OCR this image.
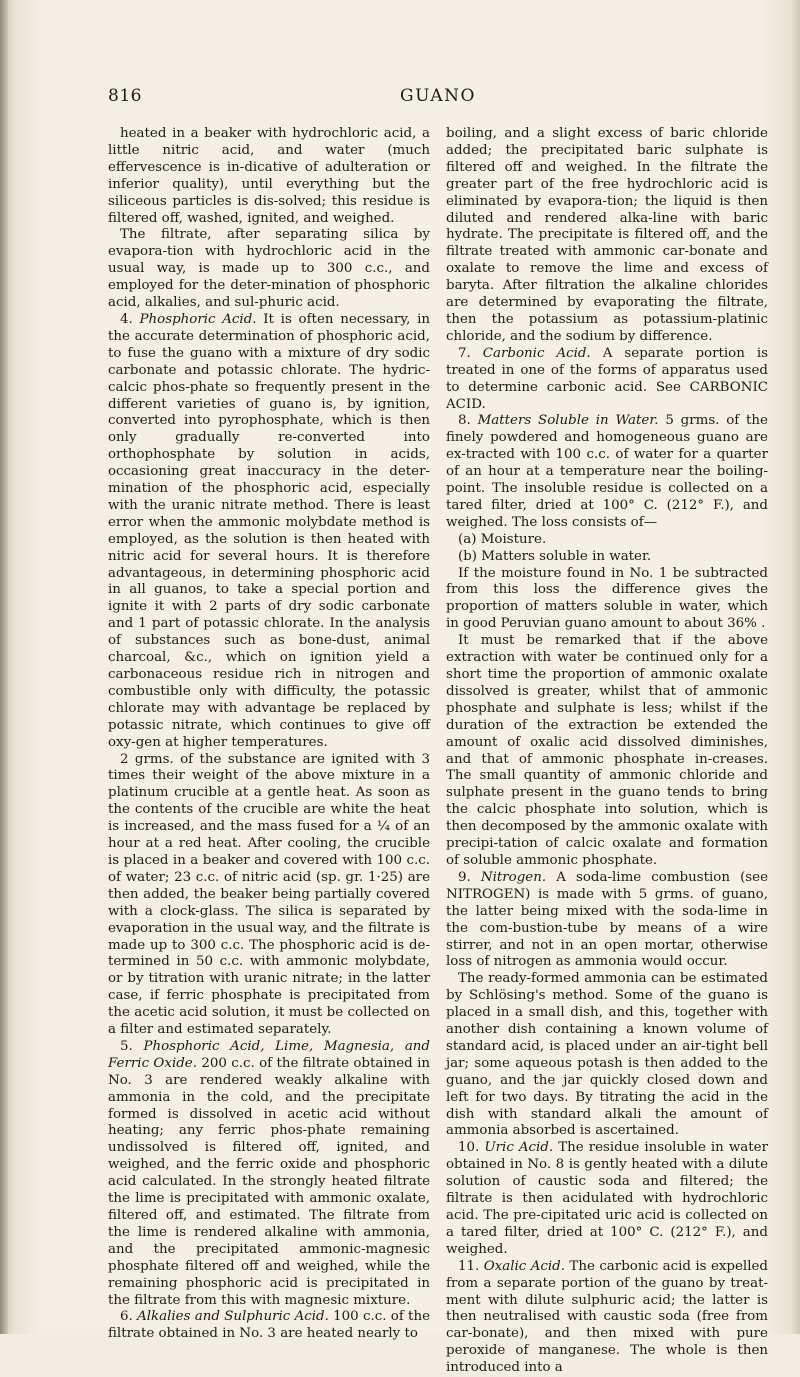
816	GUANO

heated in a beaker with hydrochloric acid, a little nitric acid, and water (much effervescence is in-dicative of adulteration or inferior quality), until everything but the siliceous particles is dis-solved; this residue is filtered off, washed, ignited, and weighed.

The filtrate, after separating silica by evapora-tion with hydrochloric acid in the usual way, is made up to 300 c.c., and employed for the deter-mination of phosphoric acid, alkalies, and sul-phuric acid.

4. Phosphoric Acid. It is often necessary, in the accurate determination of phosphoric acid, to fuse the guano with a mixture of dry sodic carbonate and potassic chlorate. The hydric-calcic phos-phate so frequently present in the different varieties of guano is, by ignition, converted into pyrophosphate, which is then only gradually re-converted into orthophosphate by solution in acids, occasioning great inaccuracy in the deter-mination of the phosphoric acid, especially with the uranic nitrate method. There is least error when the ammonic molybdate method is employed, as the solution is then heated with nitric acid for several hours. It is therefore advantageous, in determining phosphoric acid in all guanos, to take a special portion and ignite it with 2 parts of dry sodic carbonate and 1 part of potassic chlorate. In the analysis of substances such as bone-dust, animal charcoal, &c., which on ignition yield a carbonaceous residue rich in nitrogen and combustible only with difficulty, the potassic chlorate may with advantage be replaced by potassic nitrate, which continues to give off oxy-gen at higher temperatures.

2 grms. of the substance are ignited with 3 times their weight of the above mixture in a platinum crucible at a gentle heat. As soon as the contents of the crucible are white the heat is increased, and the mass fused for a ¼ of an hour at a red heat. After cooling, the crucible is placed in a beaker and covered with 100 c.c. of water; 23 c.c. of nitric acid (sp. gr. 1·25) are then added, the beaker being partially covered with a clock-glass. The silica is separated by evaporation in the usual way, and the filtrate is made up to 300 c.c. The phosphoric acid is de-termined in 50 c.c. with ammonic molybdate, or by titration with uranic nitrate; in the latter case, if ferric phosphate is precipitated from the acetic acid solution, it must be collected on a filter and estimated separately.

5. Phosphoric Acid, Lime, Magnesia, and Ferric Oxide. 200 c.c. of the filtrate obtained in No. 3 are rendered weakly alkaline with ammonia in the cold, and the precipitate formed is dissolved in acetic acid without heating; any ferric phos-phate remaining undissolved is filtered off, ignited, and weighed, and the ferric oxide and phosphoric acid calculated. In the strongly heated filtrate the lime is precipitated with ammonic oxalate, filtered off, and estimated. The filtrate from the lime is rendered alkaline with ammonia, and the precipitated ammonic-magnesic phosphate filtered off and weighed, while the remaining phosphoric acid is precipitated in the filtrate from this with magnesic mixture.

6. Alkalies and Sulphuric Acid. 100 c.c. of the filtrate obtained in No. 3 are heated nearly to

boiling, and a slight excess of baric chloride added; the precipitated baric sulphate is filtered off and weighed. In the filtrate the greater part of the free hydrochloric acid is eliminated by evapora-tion; the liquid is then diluted and rendered alka-line with baric hydrate. The precipitate is filtered off, and the filtrate treated with ammonic car-bonate and oxalate to remove the lime and excess of baryta. After filtration the alkaline chlorides are determined by evaporating the filtrate, then the potassium as potassium-platinic chloride, and the sodium by difference.

7. Carbonic Acid. A separate portion is treated in one of the forms of apparatus used to determine carbonic acid. See CARBONIC ACID.

8. Matters Soluble in Water. 5 grms. of the finely powdered and homogeneous guano are ex-tracted with 100 c.c. of water for a quarter of an hour at a temperature near the boiling-point. The insoluble residue is collected on a tared filter, dried at 100° C. (212° F.), and weighed. The loss consists of—

(a) Moisture.

(b) Matters soluble in water.

If the moisture found in No. 1 be subtracted from this loss the difference gives the proportion of matters soluble in water, which in good Peruvian guano amount to about 36% .

It must be remarked that if the above extraction with water be continued only for a short time the proportion of ammonic oxalate dissolved is greater, whilst that of ammonic phosphate and sulphate is less; whilst if the duration of the extraction be extended the amount of oxalic acid dissolved diminishes, and that of ammonic phosphate in-creases. The small quantity of ammonic chloride and sulphate present in the guano tends to bring the calcic phosphate into solution, which is then decomposed by the ammonic oxalate with precipi-tation of calcic oxalate and formation of soluble ammonic phosphate.

9. Nitrogen. A soda-lime combustion (see NITROGEN) is made with 5 grms. of guano, the latter being mixed with the soda-lime in the com-bustion-tube by means of a wire stirrer, and not in an open mortar, otherwise loss of nitrogen as ammonia would occur.

The ready-formed ammonia can be estimated by Schlösing's method. Some of the guano is placed in a small dish, and this, together with another dish containing a known volume of standard acid, is placed under an air-tight bell jar; some aqueous potash is then added to the guano, and the jar quickly closed down and left for two days. By titrating the acid in the dish with standard alkali the amount of ammonia absorbed is ascertained.

10. Uric Acid. The residue insoluble in water obtained in No. 8 is gently heated with a dilute solution of caustic soda and filtered; the filtrate is then acidulated with hydrochloric acid. The pre-cipitated uric acid is collected on a tared filter, dried at 100° C. (212° F.), and weighed.

11. Oxalic Acid. The carbonic acid is expelled from a separate portion of the guano by treat-ment with dilute sulphuric acid; the latter is then neutralised with caustic soda (free from car-bonate), and then mixed with pure peroxide of manganese. The whole is then introduced into a
